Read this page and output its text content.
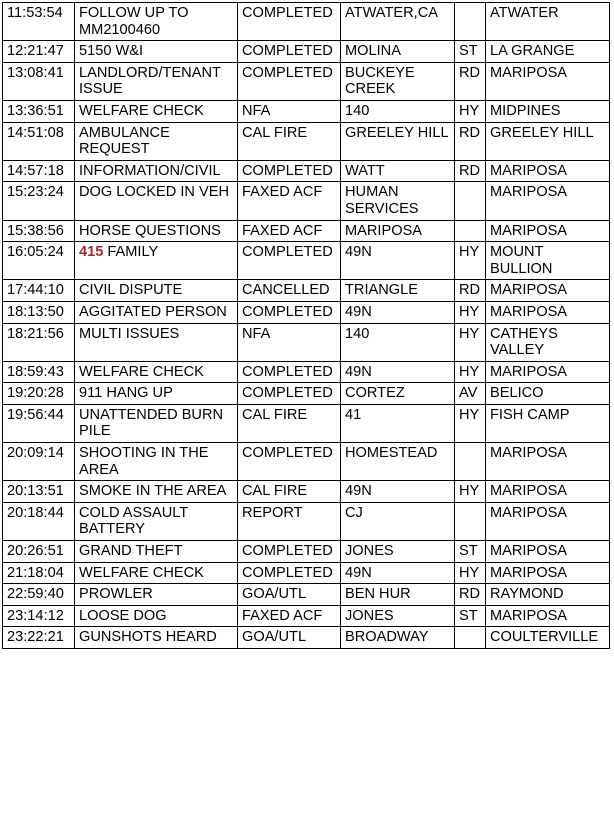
11:53:54	FOLLOW UP TO MM2100460	COMPLETED	ATWATER,CA		ATWATER
12:21:47	5150 W&I	COMPLETED	MOLINA	ST	LA GRANGE
13:08:41	LANDLORD/TENANT ISSUE	COMPLETED	BUCKEYE CREEK	RD	MARIPOSA
13:36:51	WELFARE CHECK	NFA	140	HY	MIDPINES
14:51:08	AMBULANCE REQUEST	CAL FIRE	GREELEY HILL	RD	GREELEY HILL
14:57:18	INFORMATION/CIVIL	COMPLETED	WATT	RD	MARIPOSA
15:23:24	DOG LOCKED IN VEH	FAXED ACF	HUMAN SERVICES		MARIPOSA
15:38:56	HORSE QUESTIONS	FAXED ACF	MARIPOSA		MARIPOSA
16:05:24	415 FAMILY	COMPLETED	49N	HY	MOUNT BULLION
17:44:10	CIVIL DISPUTE	CANCELLED	TRIANGLE	RD	MARIPOSA
18:13:50	AGGITATED PERSON	COMPLETED	49N	HY	MARIPOSA
18:21:56	MULTI ISSUES	NFA	140	HY	CATHEYS VALLEY
18:59:43	WELFARE CHECK	COMPLETED	49N	HY	MARIPOSA
19:20:28	911 HANG UP	COMPLETED	CORTEZ	AV	BELICO
19:56:44	UNATTENDED BURN PILE	CAL FIRE	41	HY	FISH CAMP
20:09:14	SHOOTING IN THE AREA	COMPLETED	HOMESTEAD		MARIPOSA
20:13:51	SMOKE IN THE AREA	CAL FIRE	49N	HY	MARIPOSA
20:18:44	COLD ASSAULT BATTERY	REPORT	CJ		MARIPOSA
20:26:51	GRAND THEFT	COMPLETED	JONES	ST	MARIPOSA
21:18:04	WELFARE CHECK	COMPLETED	49N	HY	MARIPOSA
22:59:40	PROWLER	GOA/UTL	BEN HUR	RD	RAYMOND
23:14:12	LOOSE DOG	FAXED ACF	JONES	ST	MARIPOSA
23:22:21	GUNSHOTS HEARD	GOA/UTL	BROADWAY		COULTERVILLE
